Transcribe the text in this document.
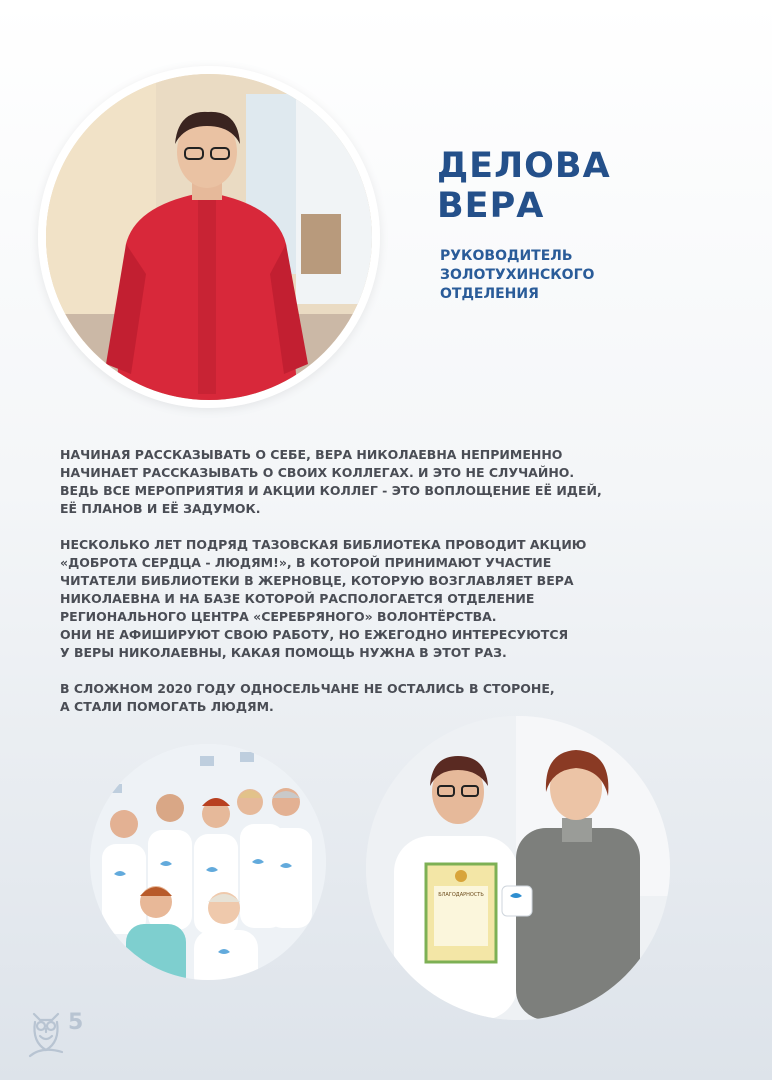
ДЕЛОВА
ВЕРА
РУКОВОДИТЕЛЬ
ЗОЛОТУХИНСКОГО
ОТДЕЛЕНИЯ
НАЧИНАЯ РАССКАЗЫВАТЬ О СЕБЕ, ВЕРА НИКОЛАЕВНА НЕПРИМЕННО
НАЧИНАЕТ РАССКАЗЫВАТЬ О СВОИХ КОЛЛЕГАХ. И ЭТО НЕ СЛУЧАЙНО.
ВЕДЬ ВСЕ МЕРОПРИЯТИЯ И АКЦИИ КОЛЛЕГ - ЭТО ВОПЛОЩЕНИЕ ЕЁ ИДЕЙ,
ЕЁ ПЛАНОВ И ЕЁ ЗАДУМОК.
НЕСКОЛЬКО ЛЕТ ПОДРЯД ТАЗОВСКАЯ БИБЛИОТЕКА ПРОВОДИТ АКЦИЮ
«ДОБРОТА СЕРДЦА - ЛЮДЯМ!», В КОТОРОЙ ПРИНИМАЮТ УЧАСТИЕ
ЧИТАТЕЛИ БИБЛИОТЕКИ В ЖЕРНОВЦЕ, КОТОРУЮ ВОЗГЛАВЛЯЕТ ВЕРА
НИКОЛАЕВНА И НА БАЗЕ КОТОРОЙ РАСПОЛОГАЕТСЯ ОТДЕЛЕНИЕ
РЕГИОНАЛЬНОГО ЦЕНТРА «СЕРЕБРЯНОГО» ВОЛОНТЁРСТВА.
ОНИ НЕ АФИШИРУЮТ СВОЮ РАБОТУ, НО ЕЖЕГОДНО ИНТЕРЕСУЮТСЯ
У ВЕРЫ НИКОЛАЕВНЫ, КАКАЯ ПОМОЩЬ НУЖНА В ЭТОТ РАЗ.
В СЛОЖНОМ 2020 ГОДУ ОДНОСЕЛЬЧАНЕ НЕ ОСТАЛИСЬ В СТОРОНЕ,
А СТАЛИ ПОМОГАТЬ ЛЮДЯМ.
БЛАГОДАРНОСТЬ
5
